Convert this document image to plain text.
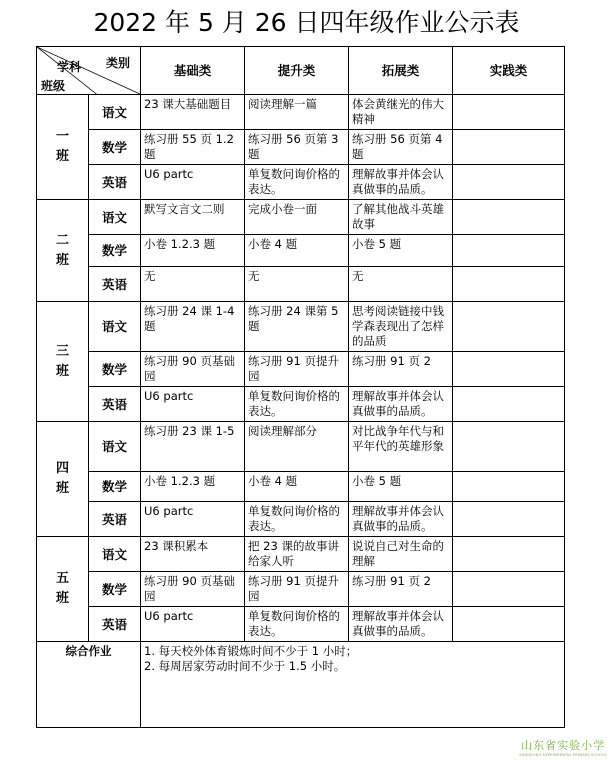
2022 年 5 月 26 日四年级作业公示表
类别
学科
班级		基础类	提升类	拓展类	实践类
一
班	语文	23 课大基础题目	阅读理解一篇	体会黄继光的伟大精神	
	数学	练习册 55 页 1.2 题	练习册 56 页第 3 题	练习册 56 页第 4 题	
	英语	U6 partc	单复数问询价格的表达。	理解故事并体会认真做事的品质。	
二
班	语文	默写文言文二则	完成小卷一面	了解其他战斗英雄故事	
	数学	小卷 1.2.3 题	小卷 4 题	小卷 5 题	
	英语	无	无	无	
三
班	语文	练习册 24 课 1-4 题	练习册 24 课第 5 题	思考阅读链接中钱学森表现出了怎样的品质	
	数学	练习册 90 页基础园	练习册 91 页提升园	练习册 91 页 2	
	英语	U6 partc	单复数问询价格的表达。	理解故事并体会认真做事的品质。	
四
班	语文	练习册 23 课 1-5	阅读理解部分	对比战争年代与和平年代的英雄形象	
	数学	小卷 1.2.3 题	小卷 4 题	小卷 5 题	
	英语	U6 partc	单复数问询价格的表达。	理解故事并体会认真做事的品质。	
五
班	语文	23 课积累本	把 23 课的故事讲给家人听	说说自己对生命的理解	
	数学	练习册 90 页基础园	练习册 91 页提升园	练习册 91 页 2	
	英语	U6 partc	单复数问询价格的表达。	理解故事并体会认真做事的品质。	
综合作业		1. 每天校外体育锻炼时间不少于 1 小时；
2. 每周居家劳动时间不少于 1.5 小时。			
山东省实验小学
SHANDONG EXPERIMENTAL PRIMARY SCHOOL
